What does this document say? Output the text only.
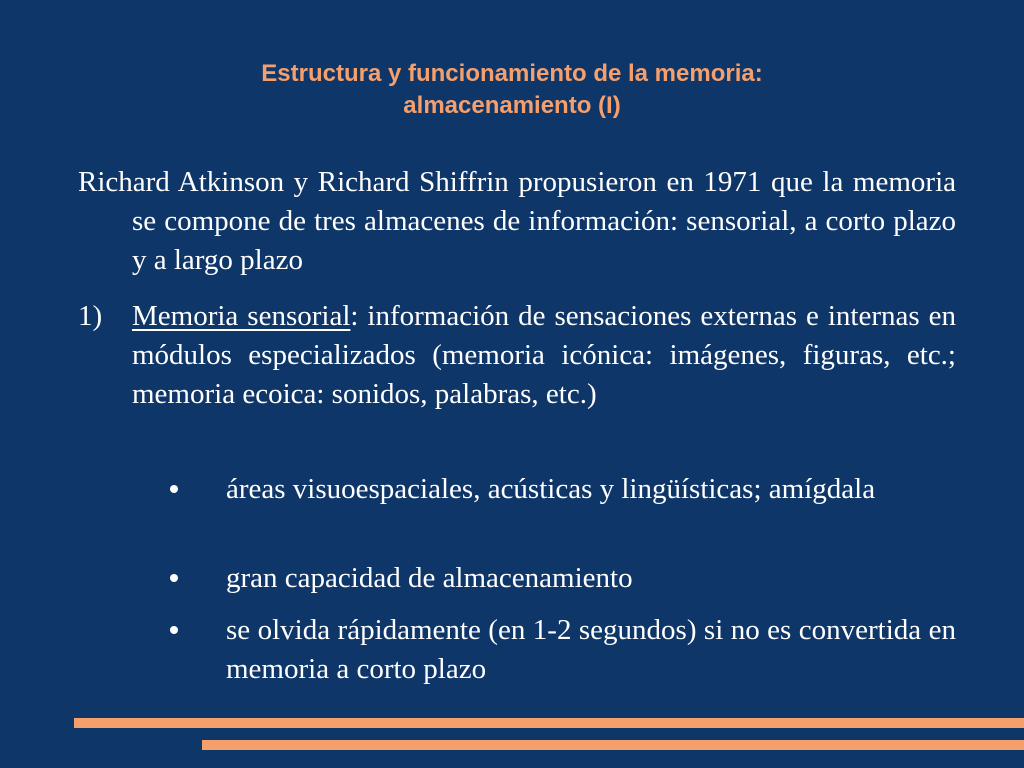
Estructura y funcionamiento de la memoria:
almacenamiento (I)
Richard Atkinson y Richard Shiffrin propusieron en 1971 que la memoria se compone de tres almacenes de información: sensorial, a corto plazo y a largo plazo
1) Memoria sensorial: información de sensaciones externas e internas en módulos especializados (memoria icónica: imágenes, figuras, etc.; memoria ecoica: sonidos, palabras, etc.)
áreas visuoespaciales, acústicas y lingüísticas; amígdala
gran capacidad de almacenamiento
se olvida rápidamente (en 1-2 segundos) si no es convertida en memoria a corto plazo
